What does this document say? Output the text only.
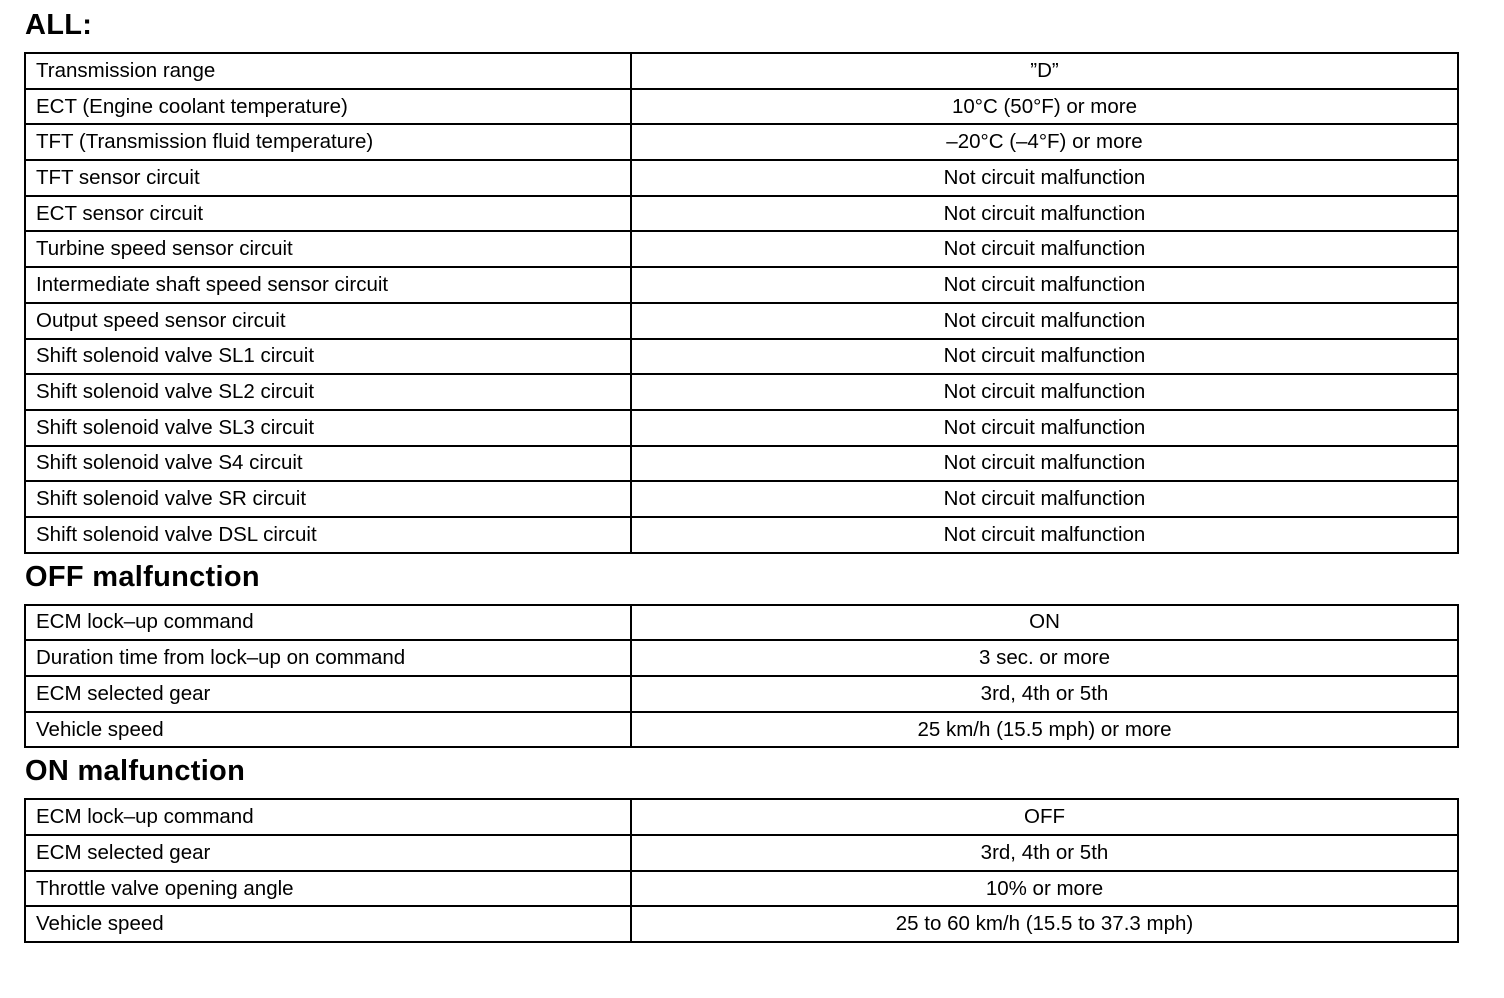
ALL:
Transmission range	”D”
ECT (Engine coolant temperature)	10°C (50°F) or more
TFT (Transmission fluid temperature)	–20°C (–4°F) or more
TFT sensor circuit	Not circuit malfunction
ECT sensor circuit	Not circuit malfunction
Turbine speed sensor circuit	Not circuit malfunction
Intermediate shaft speed sensor circuit	Not circuit malfunction
Output speed sensor circuit	Not circuit malfunction
Shift solenoid valve SL1 circuit	Not circuit malfunction
Shift solenoid valve SL2 circuit	Not circuit malfunction
Shift solenoid valve SL3 circuit	Not circuit malfunction
Shift solenoid valve S4 circuit	Not circuit malfunction
Shift solenoid valve SR circuit	Not circuit malfunction
Shift solenoid valve DSL circuit	Not circuit malfunction
OFF malfunction
ECM lock–up command	ON
Duration time from lock–up on command	3 sec. or more
ECM selected gear	3rd, 4th or 5th
Vehicle speed	25 km/h (15.5 mph) or more
ON malfunction
ECM lock–up command	OFF
ECM selected gear	3rd, 4th or 5th
Throttle valve opening angle	10% or more
Vehicle speed	25 to 60 km/h (15.5 to 37.3 mph)
